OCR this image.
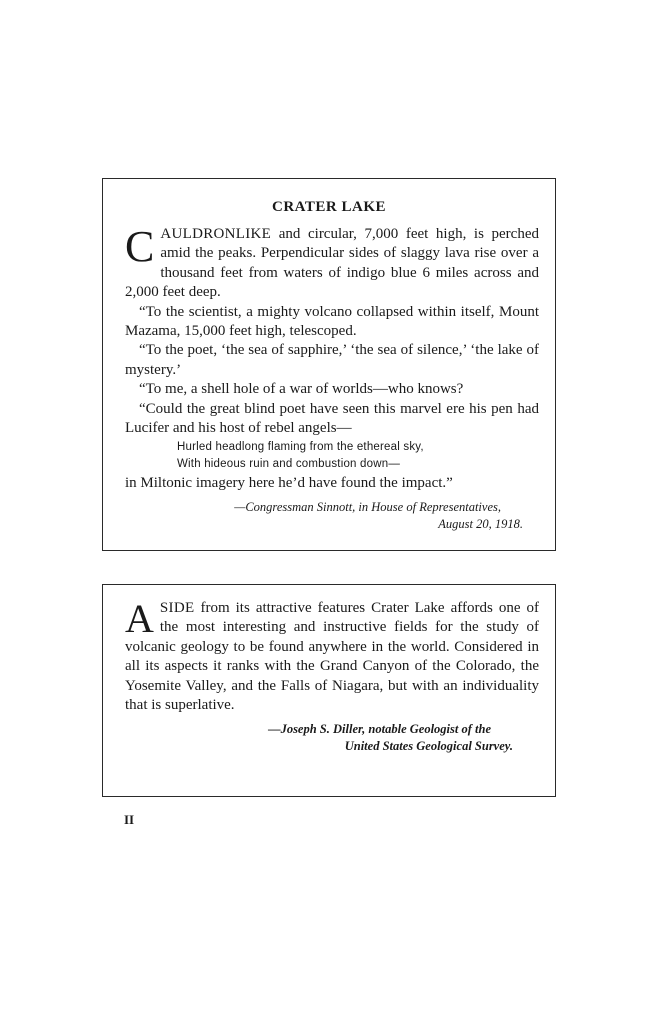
CRATER LAKE

CAULDRONLIKE and circular, 7,000 feet high, is perched amid the peaks. Perpendicular sides of slaggy lava rise over a thousand feet from waters of indigo blue 6 miles across and 2,000 feet deep.

“To the scientist, a mighty volcano collapsed within itself, Mount Mazama, 15,000 feet high, telescoped.

“To the poet, ‘the sea of sapphire,’ ‘the sea of silence,’ ‘the lake of mystery.’

“To me, a shell hole of a war of worlds—who knows?

“Could the great blind poet have seen this marvel ere his pen had Lucifer and his host of rebel angels—

Hurled headlong flaming from the ethereal sky,
With hideous ruin and combustion down—

in Miltonic imagery here he’d have found the impact.”

—Congressman Sinnott, in House of Representatives,
August 20, 1918.

ASIDE from its attractive features Crater Lake affords one of the most interesting and instructive fields for the study of volcanic geology to be found anywhere in the world. Considered in all its aspects it ranks with the Grand Canyon of the Colorado, the Yosemite Valley, and the Falls of Niagara, but with an individuality that is superlative.

—Joseph S. Diller, notable Geologist of the
United States Geological Survey.
II
